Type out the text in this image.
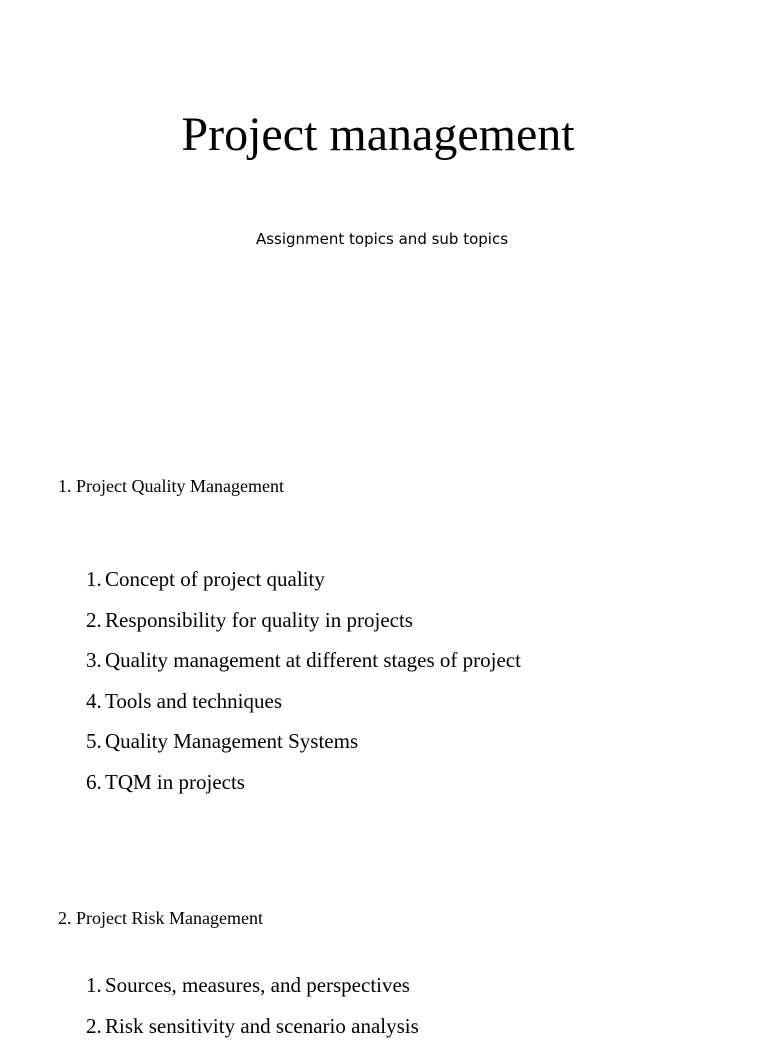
Project management
Assignment topics and sub topics
1. Project Quality Management
1. Concept of project quality
2. Responsibility for quality in projects
3. Quality management at different stages of project
4. Tools and techniques
5. Quality Management Systems
6. TQM in projects
2. Project Risk Management
1. Sources, measures, and perspectives
2. Risk sensitivity and scenario analysis
